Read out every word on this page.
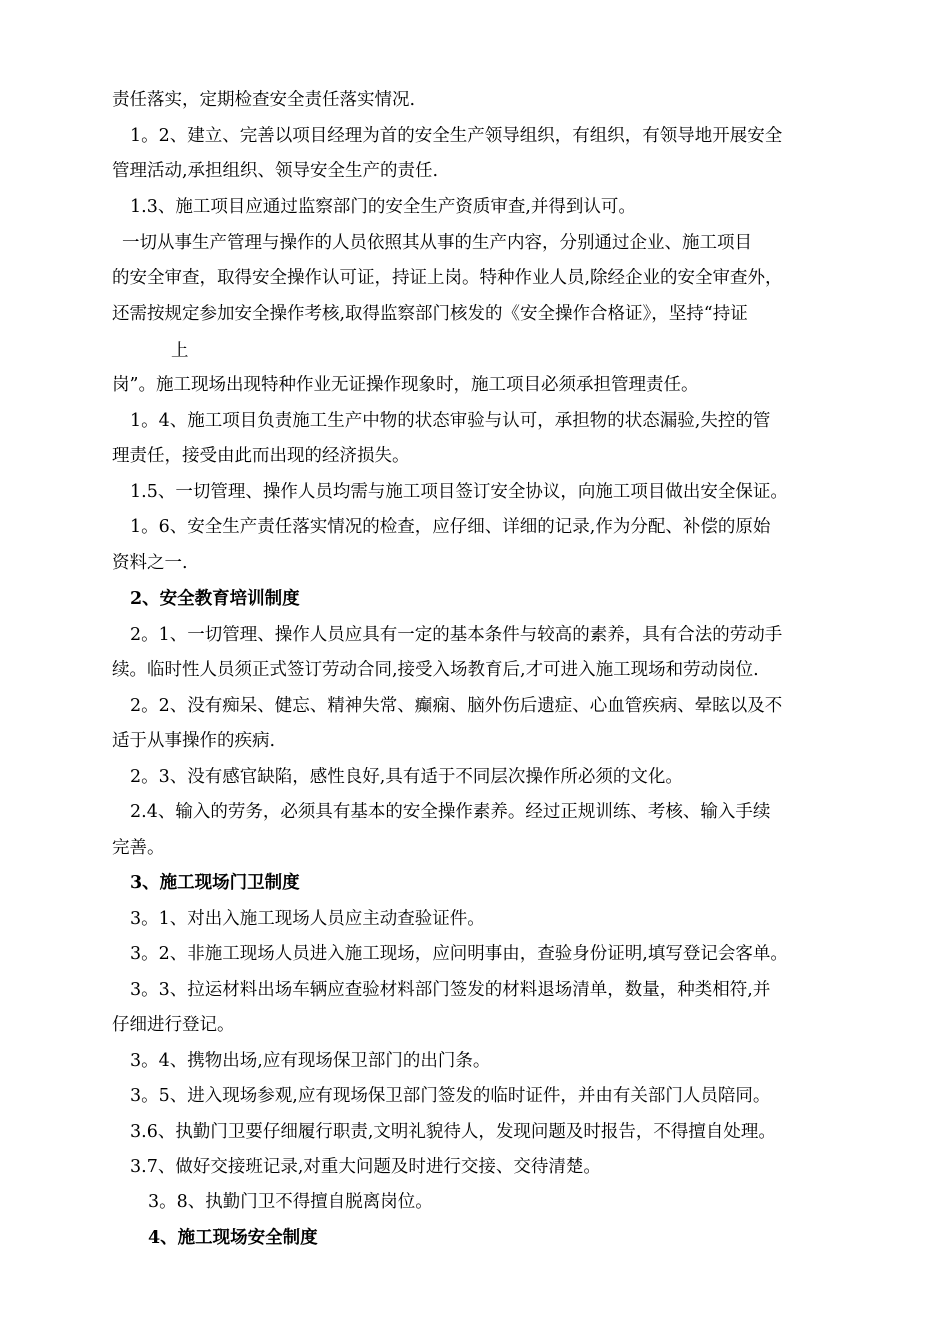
责任落实，定期检查安全责任落实情况.
1。2、建立、完善以项目经理为首的安全生产领导组织，有组织，有领导地开展安全
管理活动,承担组织、领导安全生产的责任.
1.3、施工项目应通过监察部门的安全生产资质审查,并得到认可。
一切从事生产管理与操作的人员依照其从事的生产内容，分别通过企业、施工项目
的安全审查，取得安全操作认可证，持证上岗。特种作业人员,除经企业的安全审查外，
还需按规定参加安全操作考核,取得监察部门核发的《安全操作合格证》，坚持“持证
上
岗”。施工现场出现特种作业无证操作现象时，施工项目必须承担管理责任。
1。4、施工项目负责施工生产中物的状态审验与认可，承担物的状态漏验,失控的管
理责任，接受由此而出现的经济损失。
1.5、一切管理、操作人员均需与施工项目签订安全协议，向施工项目做出安全保证。
1。6、安全生产责任落实情况的检查，应仔细、详细的记录,作为分配、补偿的原始
资料之一.
2、安全教育培训制度
2。1、一切管理、操作人员应具有一定的基本条件与较高的素养，具有合法的劳动手
续。临时性人员须正式签订劳动合同,接受入场教育后,才可进入施工现场和劳动岗位.
2。2、没有痴呆、健忘、精神失常、癫痫、脑外伤后遗症、心血管疾病、晕眩以及不
适于从事操作的疾病.
2。3、没有感官缺陷，感性良好,具有适于不同层次操作所必须的文化。
2.4、输入的劳务，必须具有基本的安全操作素养。经过正规训练、考核、输入手续
完善。
3、施工现场门卫制度
3。1、对出入施工现场人员应主动查验证件。
3。2、非施工现场人员进入施工现场，应问明事由，查验身份证明,填写登记会客单。
3。3、拉运材料出场车辆应查验材料部门签发的材料退场清单，数量，种类相符,并
仔细进行登记。
3。4、携物出场,应有现场保卫部门的出门条。
3。5、进入现场参观,应有现场保卫部门签发的临时证件，并由有关部门人员陪同。
3.6、执勤门卫要仔细履行职责,文明礼貌待人，发现问题及时报告，不得擅自处理。
3.7、做好交接班记录,对重大问题及时进行交接、交待清楚。
3。8、执勤门卫不得擅自脱离岗位。
4、施工现场安全制度
